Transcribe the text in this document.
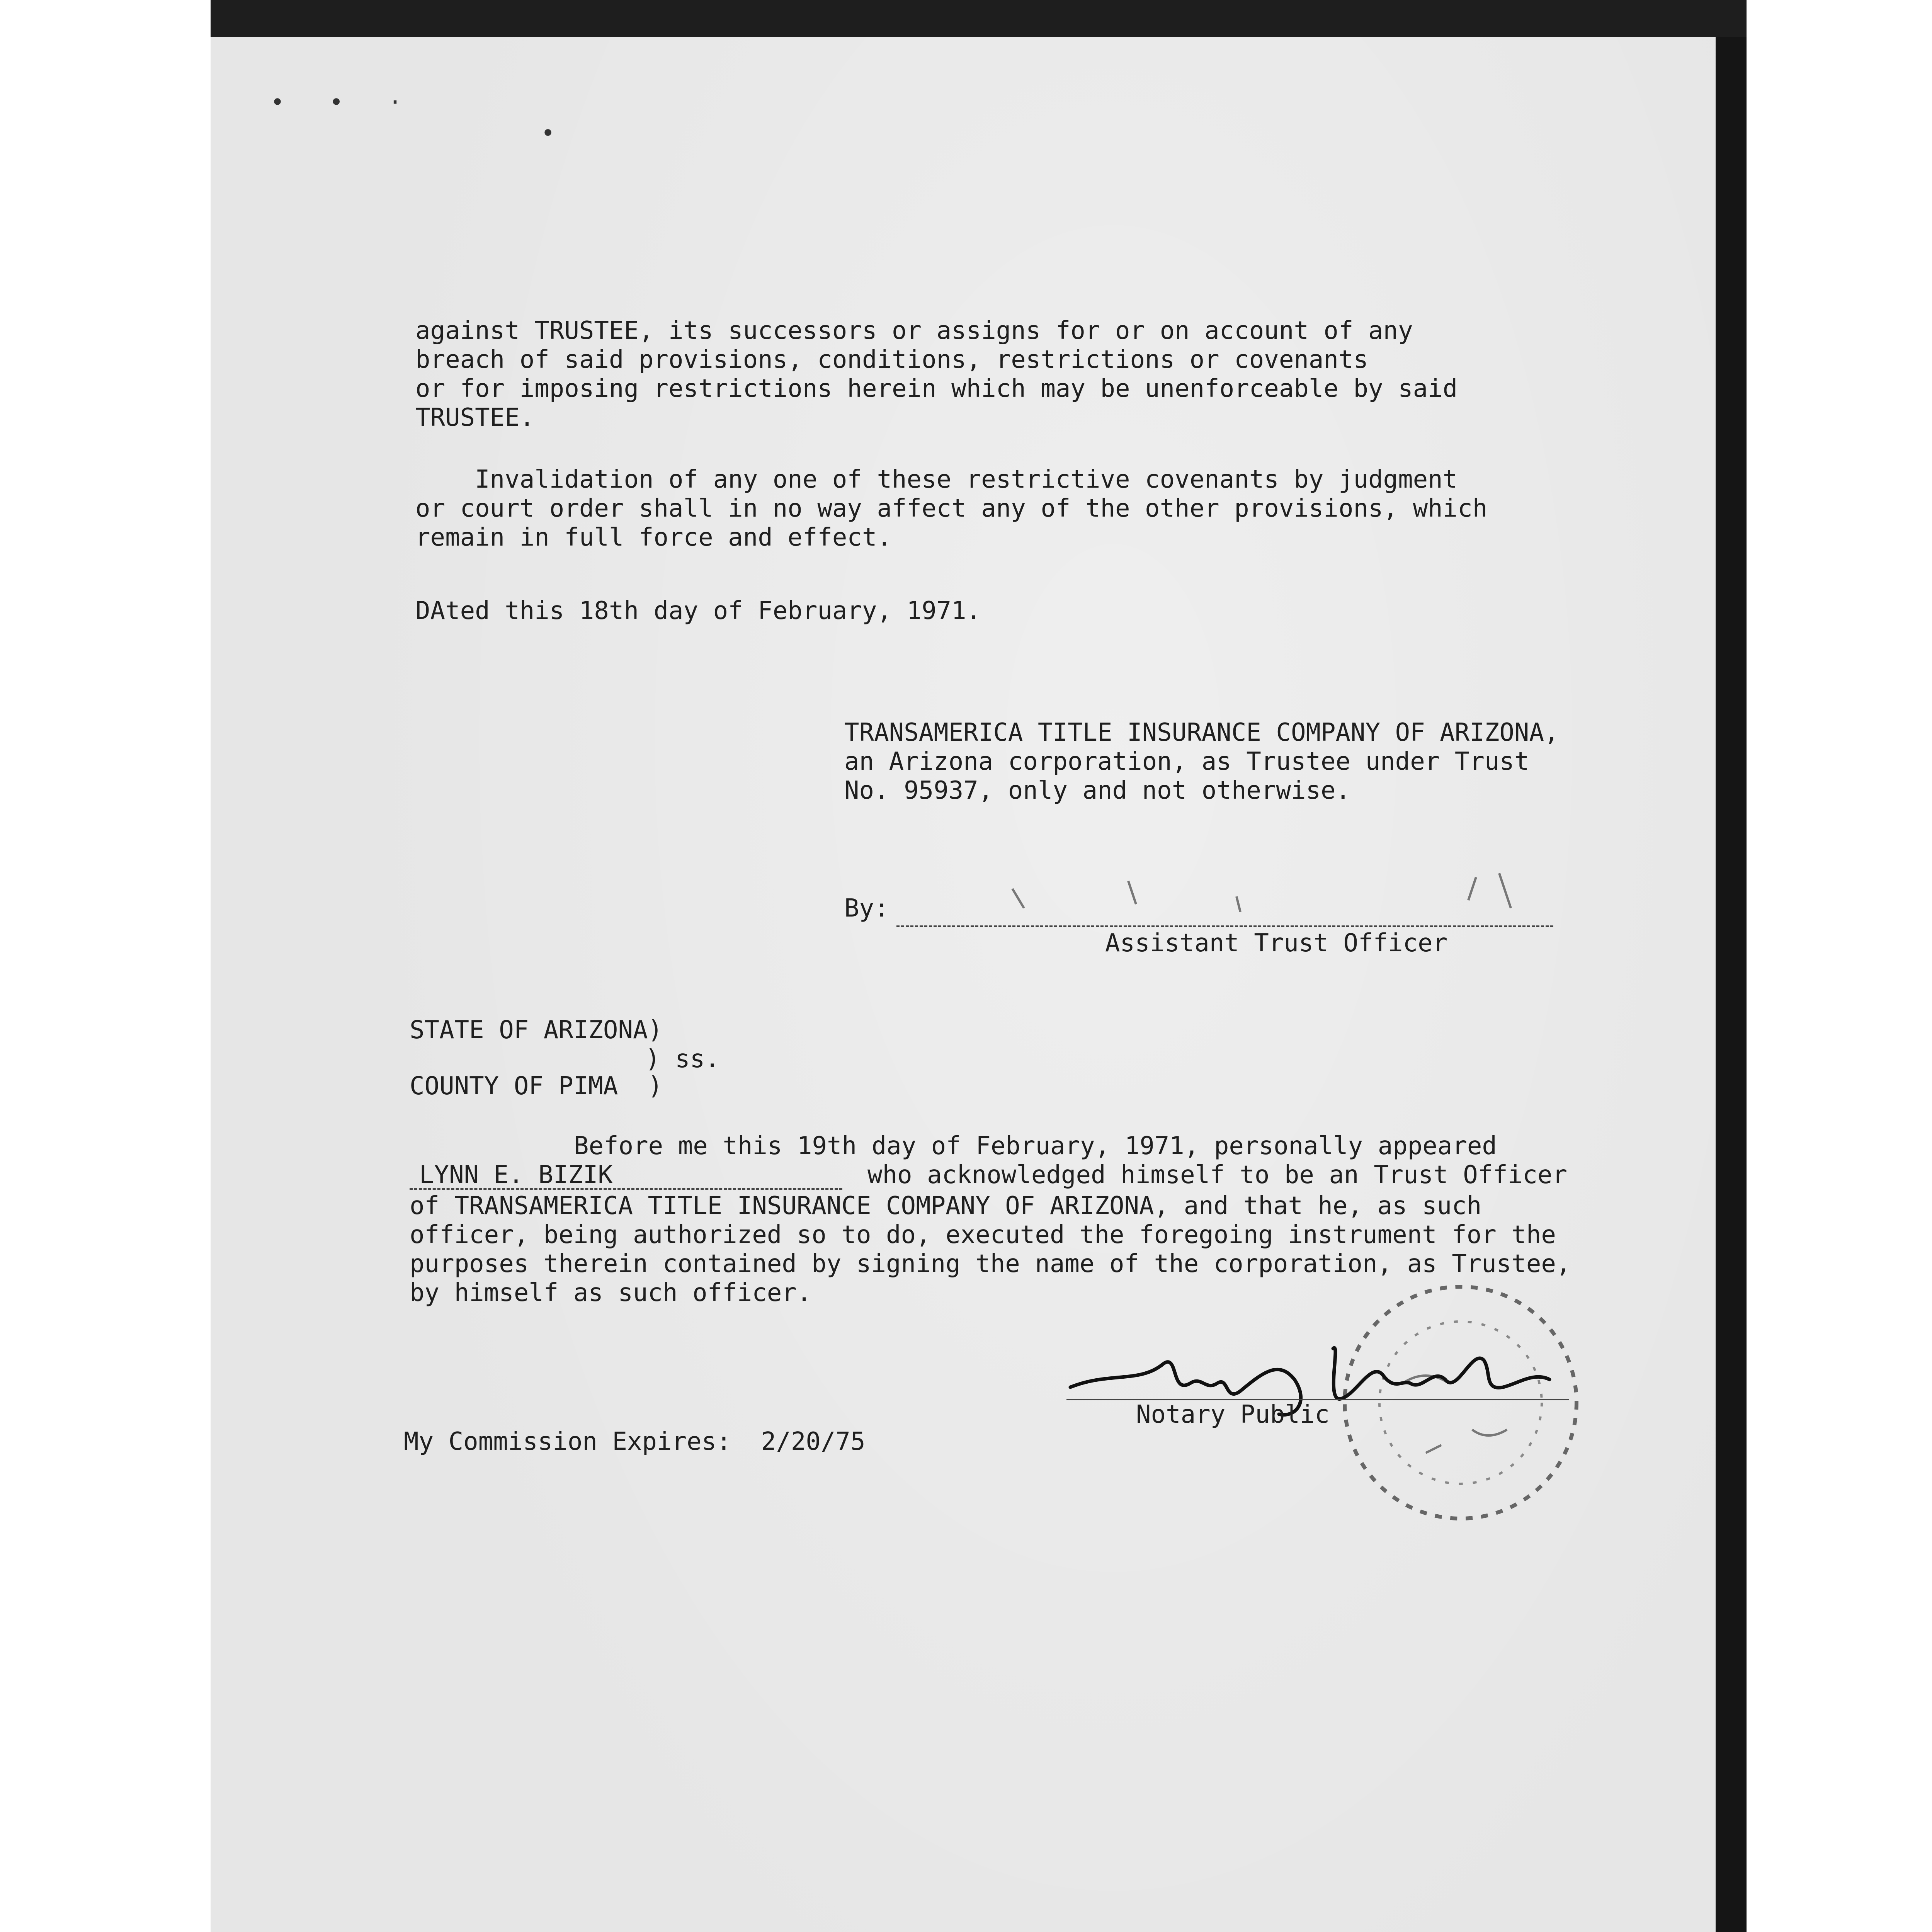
• • ·
•
against TRUSTEE, its successors or assigns for or on account of any
breach of said provisions, conditions, restrictions or covenants
or for imposing restrictions herein which may be unenforceable by said
TRUSTEE.
Invalidation of any one of these restrictive covenants by judgment
or court order shall in no way affect any of the other provisions, which
remain in full force and effect.
DAted this 18th day of February, 1971.
TRANSAMERICA TITLE INSURANCE COMPANY OF ARIZONA,
an Arizona corporation, as Trustee under Trust
No. 95937, only and not otherwise.
By:
Assistant Trust Officer
STATE OF ARIZONA)
) ss.
COUNTY OF PIMA  )
Before me this 19th day of February, 1971, personally appeared
LYNN E. BIZIK	who acknowledged himself to be an Trust Officer
of TRANSAMERICA TITLE INSURANCE COMPANY OF ARIZONA, and that he, as such
officer, being authorized so to do, executed the foregoing instrument for the
purposes therein contained by signing the name of the corporation, as Trustee,
by himself as such officer.
Notary Public
My Commission Expires:  2/20/75
